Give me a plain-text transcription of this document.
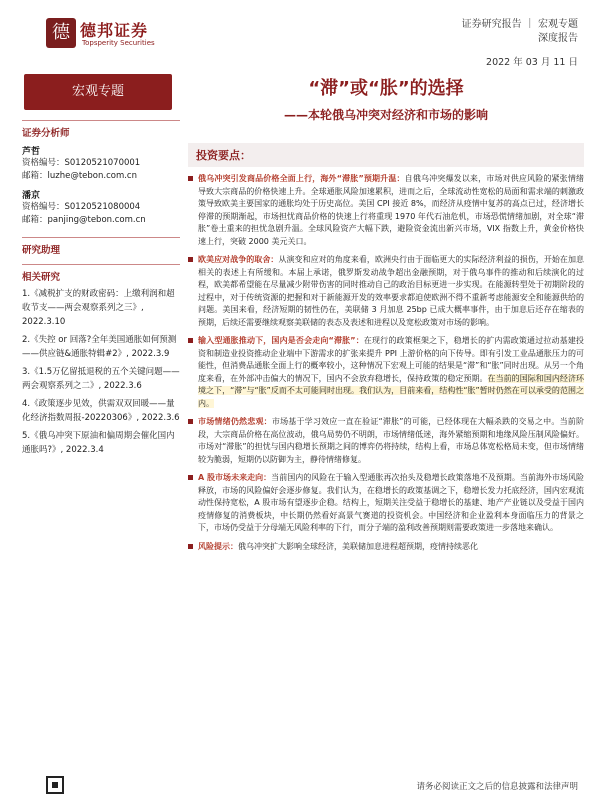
德 德邦证券
Topsperity Securities
证券研究报告 ｜ 宏观专题
深度报告
2022 年 03 月 11 日
宏观专题
证券分析师
芦哲
资格编号：S0120521070001
邮箱：luzhe@tebon.com.cn
潘京
资格编号：S0120521080004
邮箱：panjing@tebon.com.cn
研究助理
相关研究
1.《减税扩支的财政密码：上缴利润和超收节支——两会观察系列之三》, 2022.3.10
2.《失控 or 回落?全年美国通胀如何预测——供应链&通胀特辑#2》, 2022.3.9
3.《1.5万亿留抵退税的五个关键问题——两会观察系列之二》, 2022.3.6
4.《政策逐步见效，供需双双回暖——量化经济指数周报-20220306》, 2022.3.6
5.《俄乌冲突下原油和偏周期会催化国内通胀吗?》, 2022.3.4
“滞”或“胀”的选择
——本轮俄乌冲突对经济和市场的影响
投资要点：
俄乌冲突引发商品价格全面上行，海外“滞胀”预期升温：自俄乌冲突爆发以来，市场对供应风险的紧张情绪导致大宗商品的价格快速上升。全球通胀风险加速累积，进而之后，全球流动性宽松的局面和需求端的刺激政策导致欧美主要国家的通胀均处于历史高位。美国 CPI 接近 8%，而经济从疫情中复苏的高点已过，经济增长停滞的预期渐起，市场担忧商品价格的快速上行将重现 1970 年代石油危机，市场恐慌情绪加剧，对全球“滞胀”卷土重来的担忧急剧升温。全球风险资产大幅下跌，避险资金流出新兴市场，VIX 指数上升，黄金价格快速上行，突破 2000 美元关口。
欧美应对战争的取舍：从演变和应对的角度来看，欧洲央行由于面临更大的实际经济利益的损伤，开始在加息相关的表述上有所缓和。本届上承诺，俄罗斯发动战争超出金融预期，对于俄乌事件的推动和后续演化的过程，欧美都希望能在尽量减少附带伤害的同时推动自己的政治目标更进一步实现。在能源转型处于初期阶段的过程中，对于传统资源的把握和对于新能源开发的效率要求都迫使欧洲不得不重新考虑能源安全和能源供给的问题。美国来看，经济短期的韧性仍在，美联储 3 月加息 25bp 已成大概率事件，由于加息后还存在缩表的预期，后续还需要继续观察美联储的表态及表述和进程以及宽松政策对市场的影响。
输入型通胀推动下，国内是否会走向“滞胀”：在现行的政策框架之下，稳增长的扩内需政策通过拉动基建投资和制造业投资推动企业端中下游需求的扩张来提升 PPI 上游价格的向下传导。即有引发工业品通胀压力的可能性，但消费品通胀全面上行的概率较小，这种情况下宏观上可能的结果是“滞”和“胀”同时出现。从另一个角度来看，在外部冲击偏大的情况下，国内不会放弃稳增长，保持政策的稳定预期。在当前的国际和国内经济环境之下，“滞”与“胀”反而不太可能同时出现。我们认为，目前来看，结构性“胀”暂时仍然在可以承受的范围之内。
市场情绪仍然悲观：市场基于学习效应一直在验证“滞胀”的可能，已经体现在大幅杀跌的交易之中。当前阶段，大宗商品价格在高位波动，俄乌局势仍不明朗，市场情绪低迷，海外紧缩预期和地缘风险压制风险偏好。市场对“滞胀”的担忧与国内稳增长预期之间的博弈仍将持续，结构上看，市场总体宽松格局未变，但市场情绪较为脆弱，短期仍以防御为主，静待情绪修复。
A 股市场未来走向：当前国内的风险在于输入型通胀再次抬头及稳增长政策落地不及预期。当前海外市场风险释放，市场的风险偏好会逐步修复。我们认为，在稳增长的政策基调之下，稳增长发力托底经济，国内宏观流动性保持宽松，A 股市场有望逐步企稳。结构上，短期关注受益于稳增长的基建、地产产业链以及受益于国内疫情修复的消费板块，中长期仍然看好高景气赛道的投资机会。中国经济和企业盈利本身面临压力的背景之下，市场仍受益于分母端无风险利率的下行，而分子端的盈利改善预期则需要政策进一步落地来确认。
风险提示：俄乌冲突扩大影响全球经济，美联储加息进程超预期，疫情持续恶化
请务必阅读正文之后的信息披露和法律声明
